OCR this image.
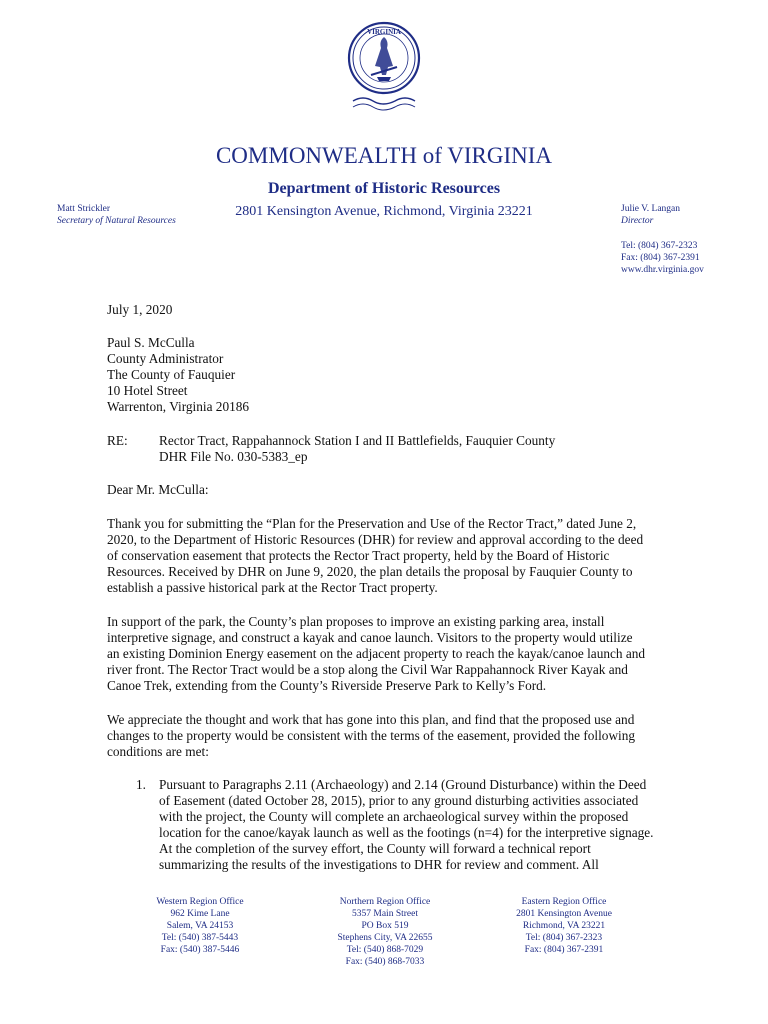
VIRGINIA
COMMONWEALTH of VIRGINIA
Department of Historic Resources
2801 Kensington Avenue, Richmond, Virginia 23221
Matt Strickler
Secretary of Natural Resources
Julie V. Langan
Director
Tel: (804) 367-2323
Fax: (804) 367-2391
www.dhr.virginia.gov
July 1, 2020
Paul S. McCulla
County Administrator
The County of Fauquier
10 Hotel Street
Warrenton, Virginia 20186
RE:	Rector Tract, Rappahannock Station I and II Battlefields, Fauquier County
DHR File No. 030-5383_ep
Dear Mr. McCulla:
Thank you for submitting the “Plan for the Preservation and Use of the Rector Tract,” dated June 2,
2020, to the Department of Historic Resources (DHR) for review and approval according to the deed
of conservation easement that protects the Rector Tract property, held by the Board of Historic
Resources. Received by DHR on June 9, 2020, the plan details the proposal by Fauquier County to
establish a passive historical park at the Rector Tract property.
In support of the park, the County’s plan proposes to improve an existing parking area, install
interpretive signage, and construct a kayak and canoe launch. Visitors to the property would utilize
an existing Dominion Energy easement on the adjacent property to reach the kayak/canoe launch and
river front. The Rector Tract would be a stop along the Civil War Rappahannock River Kayak and
Canoe Trek, extending from the County’s Riverside Preserve Park to Kelly’s Ford.
We appreciate the thought and work that has gone into this plan, and find that the proposed use and
changes to the property would be consistent with the terms of the easement, provided the following
conditions are met:
1. Pursuant to Paragraphs 2.11 (Archaeology) and 2.14 (Ground Disturbance) within the Deed
of Easement (dated October 28, 2015), prior to any ground disturbing activities associated
with the project, the County will complete an archaeological survey within the proposed
location for the canoe/kayak launch as well as the footings (n=4) for the interpretive signage.
At the completion of the survey effort, the County will forward a technical report
summarizing the results of the investigations to DHR for review and comment. All
Western Region Office
962 Kime Lane
Salem, VA 24153
Tel: (540) 387-5443
Fax: (540) 387-5446
Northern Region Office
5357 Main Street
PO Box 519
Stephens City, VA 22655
Tel: (540) 868-7029
Fax: (540) 868-7033
Eastern Region Office
2801 Kensington Avenue
Richmond, VA 23221
Tel: (804) 367-2323
Fax: (804) 367-2391
